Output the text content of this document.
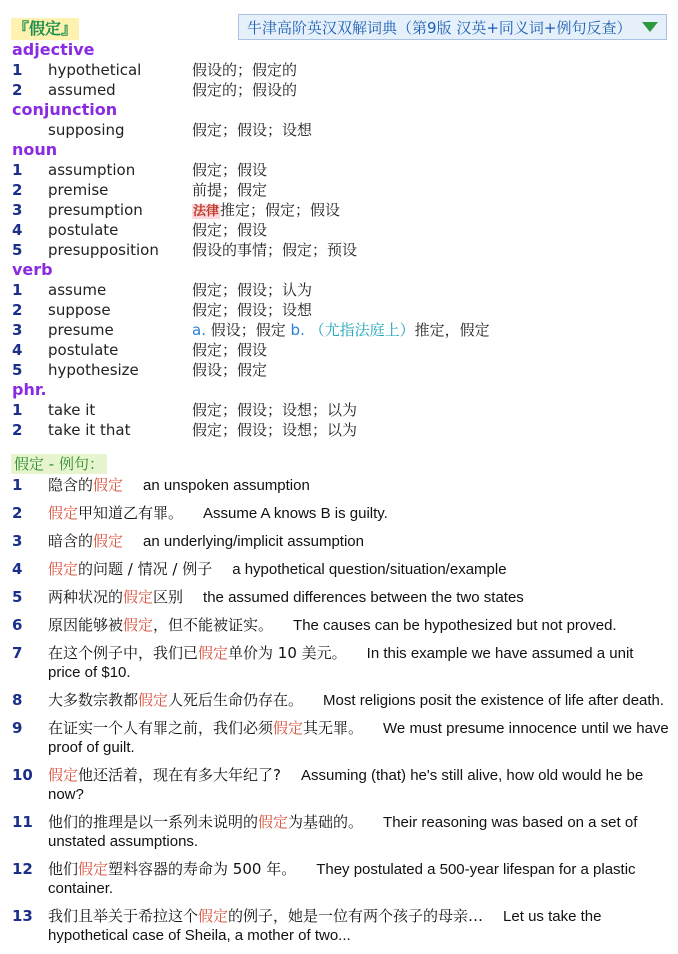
『假定』	牛津高阶英汉双解词典（第9版 汉英+同义词+例句反查）
adjective
1	hypothetical	假设的；假定的
2	assumed	假定的；假设的
conjunction
supposing	假定；假设；设想
noun
1	assumption	假定；假设
2	premise	前提；假定
3	presumption	法律推定；假定；假设
4	postulate	假定；假设
5	presupposition 假设的事情；假定；预设
verb
1	assume	假定；假设；认为
2	suppose	假定；假设；设想
3	presume	a. 假设；假定 b. （尤指法庭上）推定，假定
4	postulate	假定；假设
5	hypothesize	假设；假定
phr.
1	take it	假定；假设；设想；以为
2	take it that	假定；假设；设想；以为
假定 - 例句：
1 隐含的假定 an unspoken assumption
2 假定甲知道乙有罪。 Assume A knows B is guilty.
3 暗含的假定 an underlying/implicit assumption
4 假定的问题 / 情况 / 例子 a hypothetical question/situation/example
5 两种状况的假定区别 the assumed differences between the two states
6 原因能够被假定，但不能被证实。 The causes can be hypothesized but not proved.
7 在这个例子中，我们已假定单价为 10 美元。 In this example we have assumed a unit price of $10.
8 大多数宗教都假定人死后生命仍存在。 Most religions posit the existence of life after death.
9 在证实一个人有罪之前，我们必须假定其无罪。 We must presume innocence until we have proof of guilt.
10 假定他还活着，现在有多大年纪了? Assuming (that) he's still alive, how old would he be now?
11 他们的推理是以一系列未说明的假定为基础的。 Their reasoning was based on a set of unstated assumptions.
12 他们假定塑料容器的寿命为 500 年。 They postulated a 500-year lifespan for a plastic container.
13 我们且举关于希拉这个假定的例子，她是一位有两个孩子的母亲… Let us take the hypothetical case of Sheila, a mother of two...
